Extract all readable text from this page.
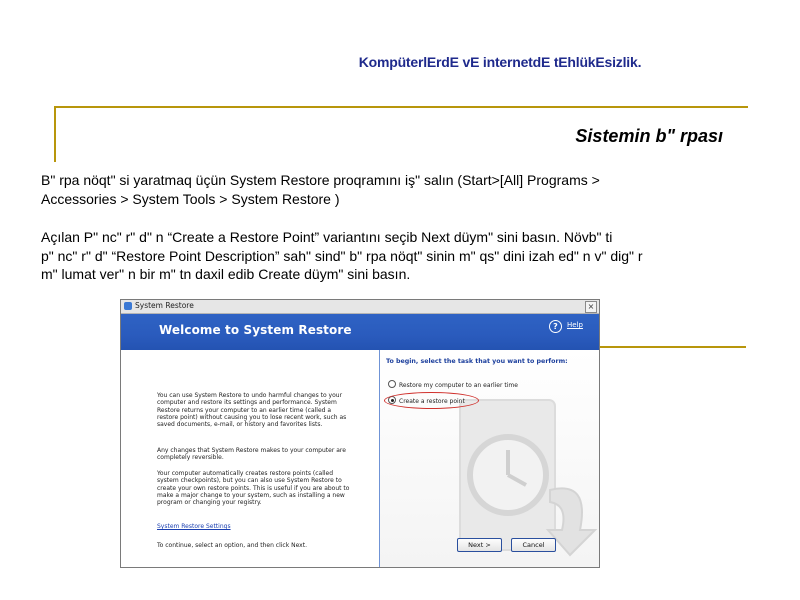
KompüterlЕrdЕ vЕ internetdЕ tЕhlükЕsizlik.
Sistemin b" rpası
B" rpa nöqt" si yaratmaq üçün System Restore proqramını iş" salın (Start>[All] Programs >
Accessories > System Tools > System Restore )
Açılan P" nc" r" d" n “Create a Restore Point” variantını seçib Next düym" sini basın. Növb" ti
p" nc" r" d" “Restore Point Description” sah" sind" b" rpa nöqt" sinin m" qs" dini izah ed" n v" dig" r
m" lumat ver" n bir m" tn daxil edib Create düym" sini basın.
System Restore	×
Welcome to System Restore	?	Help
You can use System Restore to undo harmful changes to your computer and restore its settings and performance. System Restore returns your computer to an earlier time (called a restore point) without causing you to lose recent work, such as saved documents, e-mail, or history and favorites lists.
Any changes that System Restore makes to your computer are completely reversible.
Your computer automatically creates restore points (called system checkpoints), but you can also use System Restore to create your own restore points. This is useful if you are about to make a major change to your system, such as installing a new program or changing your registry.
System Restore Settings
To continue, select an option, and then click Next.
To begin, select the task that you want to perform:
Restore my computer to an earlier time
Create a restore point
Next >	Cancel
